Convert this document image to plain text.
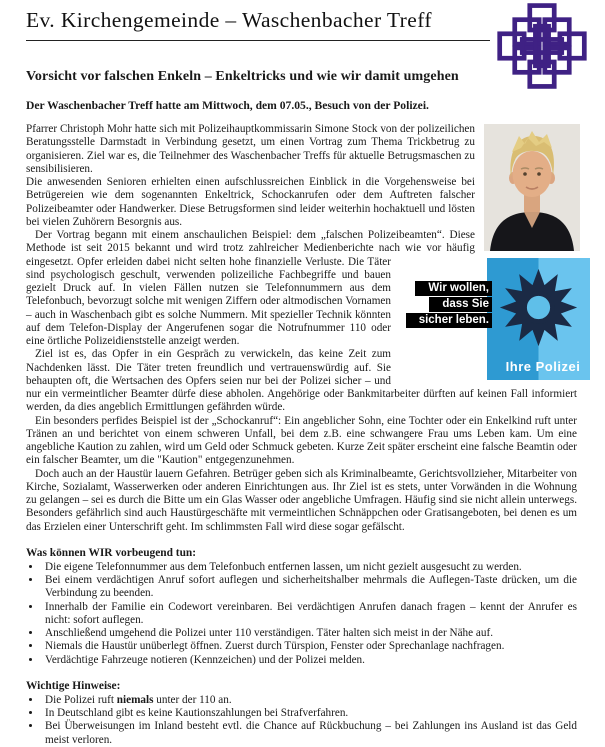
Ev. Kirchengemeinde – Waschenbacher Treff
Vorsicht vor falschen Enkeln – Enkeltricks und wie wir damit umgehen

Der Waschenbacher Treff hatte am Mittwoch, dem 07.05., Besuch von der Polizei.

Pfarrer Christoph Mohr hatte sich mit Polizeihauptkommissarin Simone Stock von der polizeilichen Beratungsstelle Darmstadt in Verbindung gesetzt, um einen Vortrag zum Thema Trickbetrug zu organisieren. Ziel war es, die Teilnehmer des Waschenbacher Treffs für aktuelle Betrugsmaschen zu sensibilisieren.

Die anwesenden Senioren erhielten einen aufschlussreichen Einblick in die Vorgehensweise bei Betrügereien wie dem sogenannten Enkeltrick, Schockanrufen oder dem Auftreten falscher Polizeibeamter oder Handwerker. Diese Betrugsformen sind leider weiterhin hochaktuell und lösten bei vielen Zuhörern Besorgnis aus.

Der Vortrag begann mit einem anschaulichen Beispiel: dem „falschen Polizeibeamten“. Diese Methode ist seit 2015 bekannt und wird trotz zahlreicher Medienberichte nach wie vor häufig eingesetzt.
Ihre Polizei
Wir wollen,
dass Sie
sicher leben.
Opfer erleiden dabei nicht selten hohe finanzielle Verluste. Die Täter sind psychologisch geschult, verwenden polizeiliche Fachbegriffe und bauen gezielt Druck auf. In vielen Fällen nutzen sie Telefonnummern aus dem Telefonbuch, bevorzugt solche mit wenigen Ziffern oder altmodischen Vornamen – auch in Waschenbach gibt es solche Nummern. Mit spezieller Technik könnten auf dem Telefon-Display der Angerufenen sogar die Notrufnummer 110 oder eine örtliche Polizeidienststelle anzeigt werden.

Ziel ist es, das Opfer in ein Gespräch zu verwickeln, das keine Zeit zum Nachdenken lässt. Die Täter treten freundlich und vertrauenswürdig auf. Sie behaupten oft, die Wertsachen des Opfers seien nur bei der Polizei sicher – und nur ein vermeintlicher Beamter dürfe diese abholen. Angehörige oder Bankmitarbeiter dürften auf keinen Fall informiert werden, da dies angeblich Ermittlungen gefährden würde.

Ein besonders perfides Beispiel ist der „Schockanruf“: Ein angeblicher Sohn, eine Tochter oder ein Enkelkind ruft unter Tränen an und berichtet von einem schweren Unfall, bei dem z.B. eine schwangere Frau ums Leben kam. Um eine angebliche Kaution zu zahlen, wird um Geld oder Schmuck gebeten. Kurze Zeit später erscheint eine falsche Beamtin oder ein falscher Beamter, um die "Kaution" entgegenzunehmen.

Doch auch an der Haustür lauern Gefahren. Betrüger geben sich als Kriminalbeamte, Gerichtsvollzieher, Mitarbeiter von Kirche, Sozialamt, Wasserwerken oder anderen Einrichtungen aus. Ihr Ziel ist es stets, unter Vorwänden in die Wohnung zu gelangen – sei es durch die Bitte um ein Glas Wasser oder angebliche Umfragen. Häufig sind sie nicht allein unterwegs. Besonders gefährlich sind auch Haustürgeschäfte mit vermeintlichen Schnäppchen oder Gratisangeboten, bei denen es um das Erzielen einer Unterschrift geht. Im schlimmsten Fall wird diese sogar gefälscht.

Was können WIR vorbeugend tun:

• Die eigene Telefonnummer aus dem Telefonbuch entfernen lassen, um nicht gezielt ausgesucht zu werden.
• Bei einem verdächtigen Anruf sofort auflegen und sicherheitshalber mehrmals die Auflegen-Taste drücken, um die Verbindung zu beenden.
• Innerhalb der Familie ein Codewort vereinbaren. Bei verdächtigen Anrufen danach fragen – kennt der Anrufer es nicht: sofort auflegen.
• Anschließend umgehend die Polizei unter 110 verständigen. Täter halten sich meist in der Nähe auf.
• Niemals die Haustür unüberlegt öffnen. Zuerst durch Türspion, Fenster oder Sprechanlage nachfragen.
• Verdächtige Fahrzeuge notieren (Kennzeichen) und der Polizei melden.

Wichtige Hinweise:

• Die Polizei ruft niemals unter der 110 an.
• In Deutschland gibt es keine Kautionszahlungen bei Strafverfahren.
• Bei Überweisungen im Inland besteht evtl. die Chance auf Rückbuchung – bei Zahlungen ins Ausland ist das Geld meist verloren.
